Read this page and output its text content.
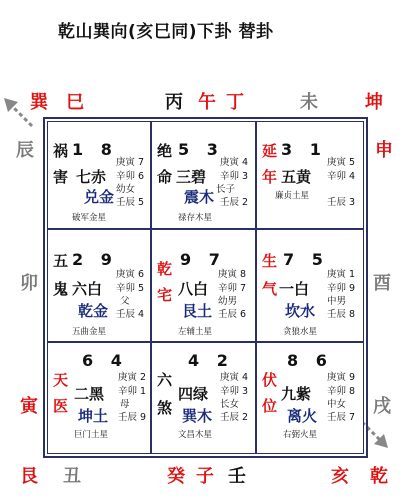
乾山巽向(亥巳同)下卦 替卦
巽 巳	丙 午 丁	未	坤
辰	申
卯	酉
寅	戌
艮 丑	癸 子 壬	亥 乾
祸
害
1 8
七赤
兑金
庚寅 7
辛卯 6
幼女
壬辰 5
破军金星
绝
命
5 3
三碧
震木
庚寅 4
辛卯 3
长子
壬辰 2
禄存木星
延
年
3 1
五黄
庚寅 5
辛卯 4
壬辰 3
廉贞土星
五
鬼
2 9
六白
乾金
庚寅 6
辛卯 5
父
壬辰 4
五曲金星
乾
宅
9 7
八白
艮土
庚寅 8
辛卯 7
幼男
壬辰 6
左辅土星
生
气
7 5
一白
坎水
庚寅 1
辛卯 9
中男
壬辰 8
贪狼水星
天
医
6 4
二黑
坤土
庚寅 2
辛卯 1
母
壬辰 9
巨门土星
六
煞
4 2
四绿
巽木
庚寅 4
辛卯 3
长女
壬辰 2
文昌木星
伏
位
8 6
九紫
离火
庚寅 9
辛卯 8
中女
壬辰 7
右弼火星
